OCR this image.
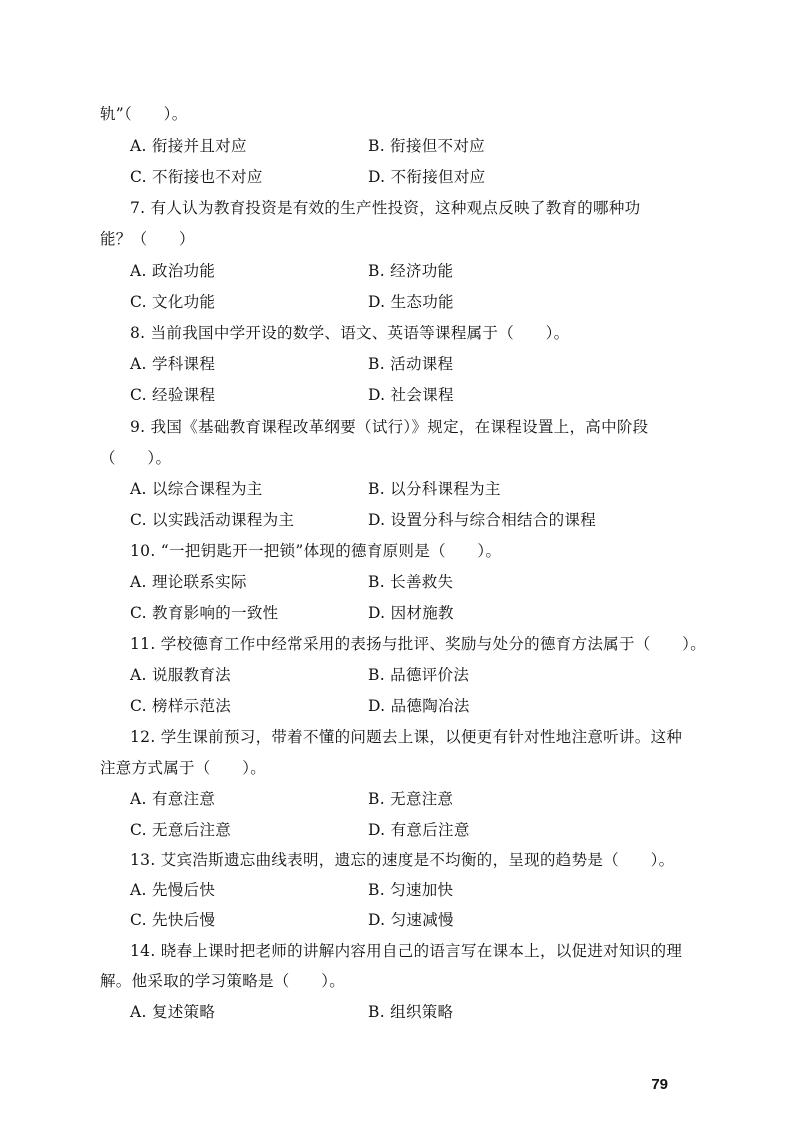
轨”（　　）。
A. 衔接并且对应	B. 衔接但不对应
C. 不衔接也不对应	D. 不衔接但对应
7. 有人认为教育投资是有效的生产性投资，这种观点反映了教育的哪种功
能？（　　）
A. 政治功能	B. 经济功能
C. 文化功能	D. 生态功能
8. 当前我国中学开设的数学、语文、英语等课程属于（　　）。
A. 学科课程	B. 活动课程
C. 经验课程	D. 社会课程
9. 我国《基础教育课程改革纲要（试行）》规定，在课程设置上，高中阶段
（　　）。
A. 以综合课程为主	B. 以分科课程为主
C. 以实践活动课程为主	D. 设置分科与综合相结合的课程
10. “一把钥匙开一把锁”体现的德育原则是（　　）。
A. 理论联系实际	B. 长善救失
C. 教育影响的一致性	D. 因材施教
11. 学校德育工作中经常采用的表扬与批评、奖励与处分的德育方法属于（　　）。
A. 说服教育法	B. 品德评价法
C. 榜样示范法	D. 品德陶冶法
12. 学生课前预习，带着不懂的问题去上课，以便更有针对性地注意听讲。这种
注意方式属于（　　）。
A. 有意注意	B. 无意注意
C. 无意后注意	D. 有意后注意
13. 艾宾浩斯遗忘曲线表明，遗忘的速度是不均衡的，呈现的趋势是（　　）。
A. 先慢后快	B. 匀速加快
C. 先快后慢	D. 匀速减慢
14. 晓春上课时把老师的讲解内容用自己的语言写在课本上，以促进对知识的理
解。他采取的学习策略是（　　）。
A. 复述策略	B. 组织策略
79
